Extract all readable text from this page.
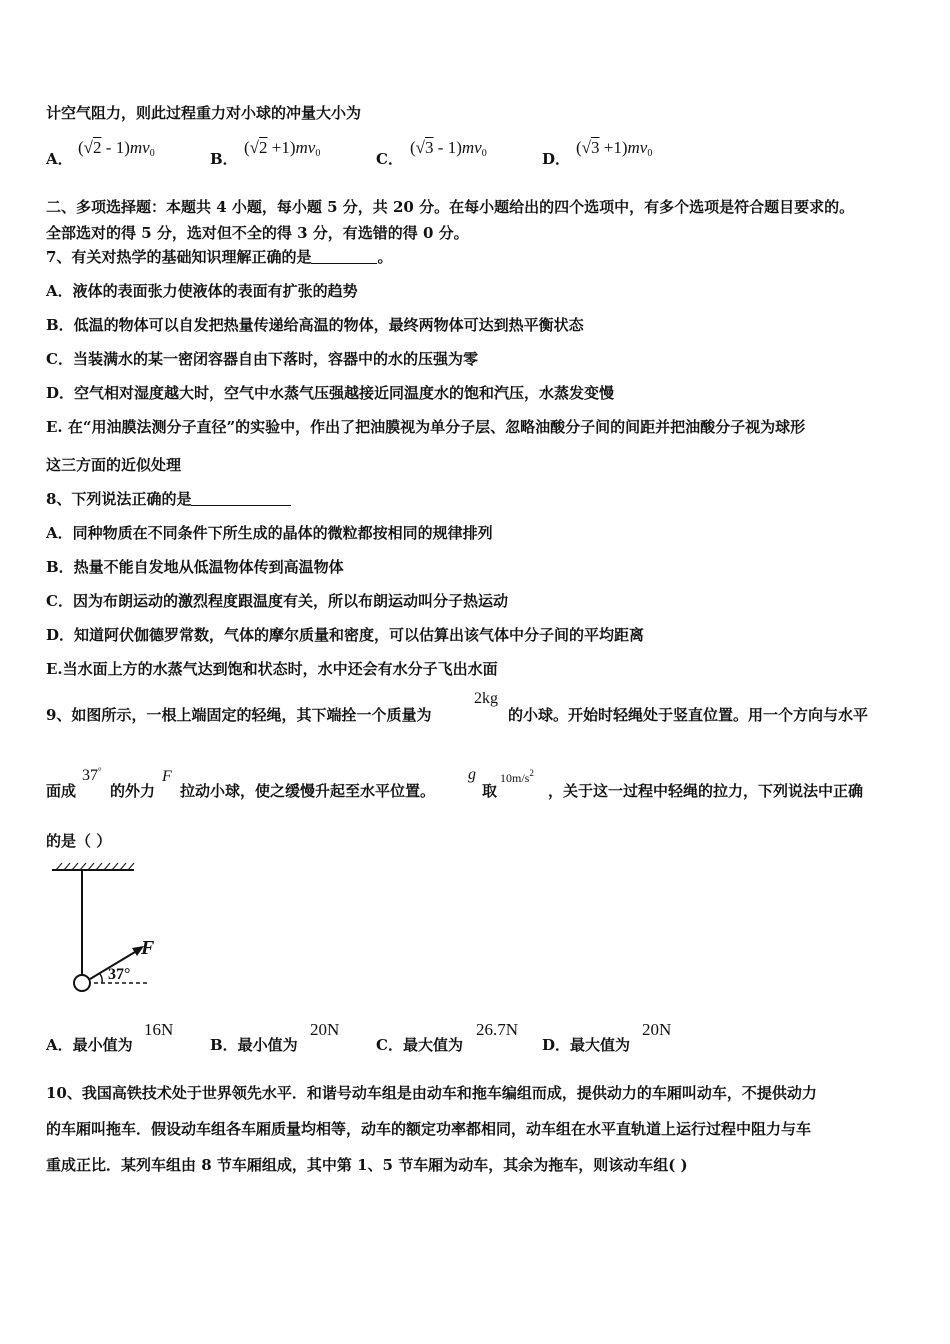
计空气阻力，则此过程重力对小球的冲量大小为
A．
$(√2 - 1)mv_0$	B．
$(√2 +1)mv_0$	C．
$(√3 - 1)mv_0$	D．
$(√3 +1)mv_0$
二、多项选择题：本题共 4 小题，每小题 5 分，共 20 分。在每小题给出的四个选项中，有多个选项是符合题目要求的。
全部选对的得 5 分，选对但不全的得 3 分，有选错的得 0 分。
7、有关对热学的基础知识理解正确的是	。
A．液体的表面张力使液体的表面有扩张的趋势
B．低温的物体可以自发把热量传递给高温的物体，最终两物体可达到热平衡状态
C．当装满水的某一密闭容器自由下落时，容器中的水的压强为零
D．空气相对湿度越大时，空气中水蒸气压强越接近同温度水的饱和汽压，水蒸发变慢
E. 在“用油膜法测分子直径”的实验中，作出了把油膜视为单分子层、忽略油酸分子间的间距并把油酸分子视为球形
这三方面的近似处理
8、下列说法正确的是
A．同种物质在不同条件下所生成的晶体的微粒都按相同的规律排列
B．热量不能自发地从低温物体传到高温物体
C．因为布朗运动的激烈程度跟温度有关，所以布朗运动叫分子热运动
D．知道阿伏伽德罗常数，气体的摩尔质量和密度，可以估算出该气体中分子间的平均距离
E.当水面上方的水蒸气达到饱和状态时，水中还会有水分子飞出水面
9、如图所示，一根上端固定的轻绳，其下端拴一个质量为
2kg
的小球。开始时轻绳处于竖直位置。用一个方向与水平
面成
37°
的外力
F
拉动小球，使之缓慢升起至水平位置。
g
取
$10m/s^2$
，关于这一过程中轻绳的拉力，下列说法中正确
的是（ ）
F
37°
A．最小值为
16N
B．最小值为
20N
C．最大值为
26.7N
D．最大值为
20N
10、我国高铁技术处于世界领先水平．和谐号动车组是由动车和拖车编组而成，提供动力的车厢叫动车，不提供动力
的车厢叫拖车．假设动车组各车厢质量均相等，动车的额定功率都相同，动车组在水平直轨道上运行过程中阻力与车
重成正比．某列车组由 8 节车厢组成，其中第 1、5 节车厢为动车，其余为拖车，则该动车组( )
